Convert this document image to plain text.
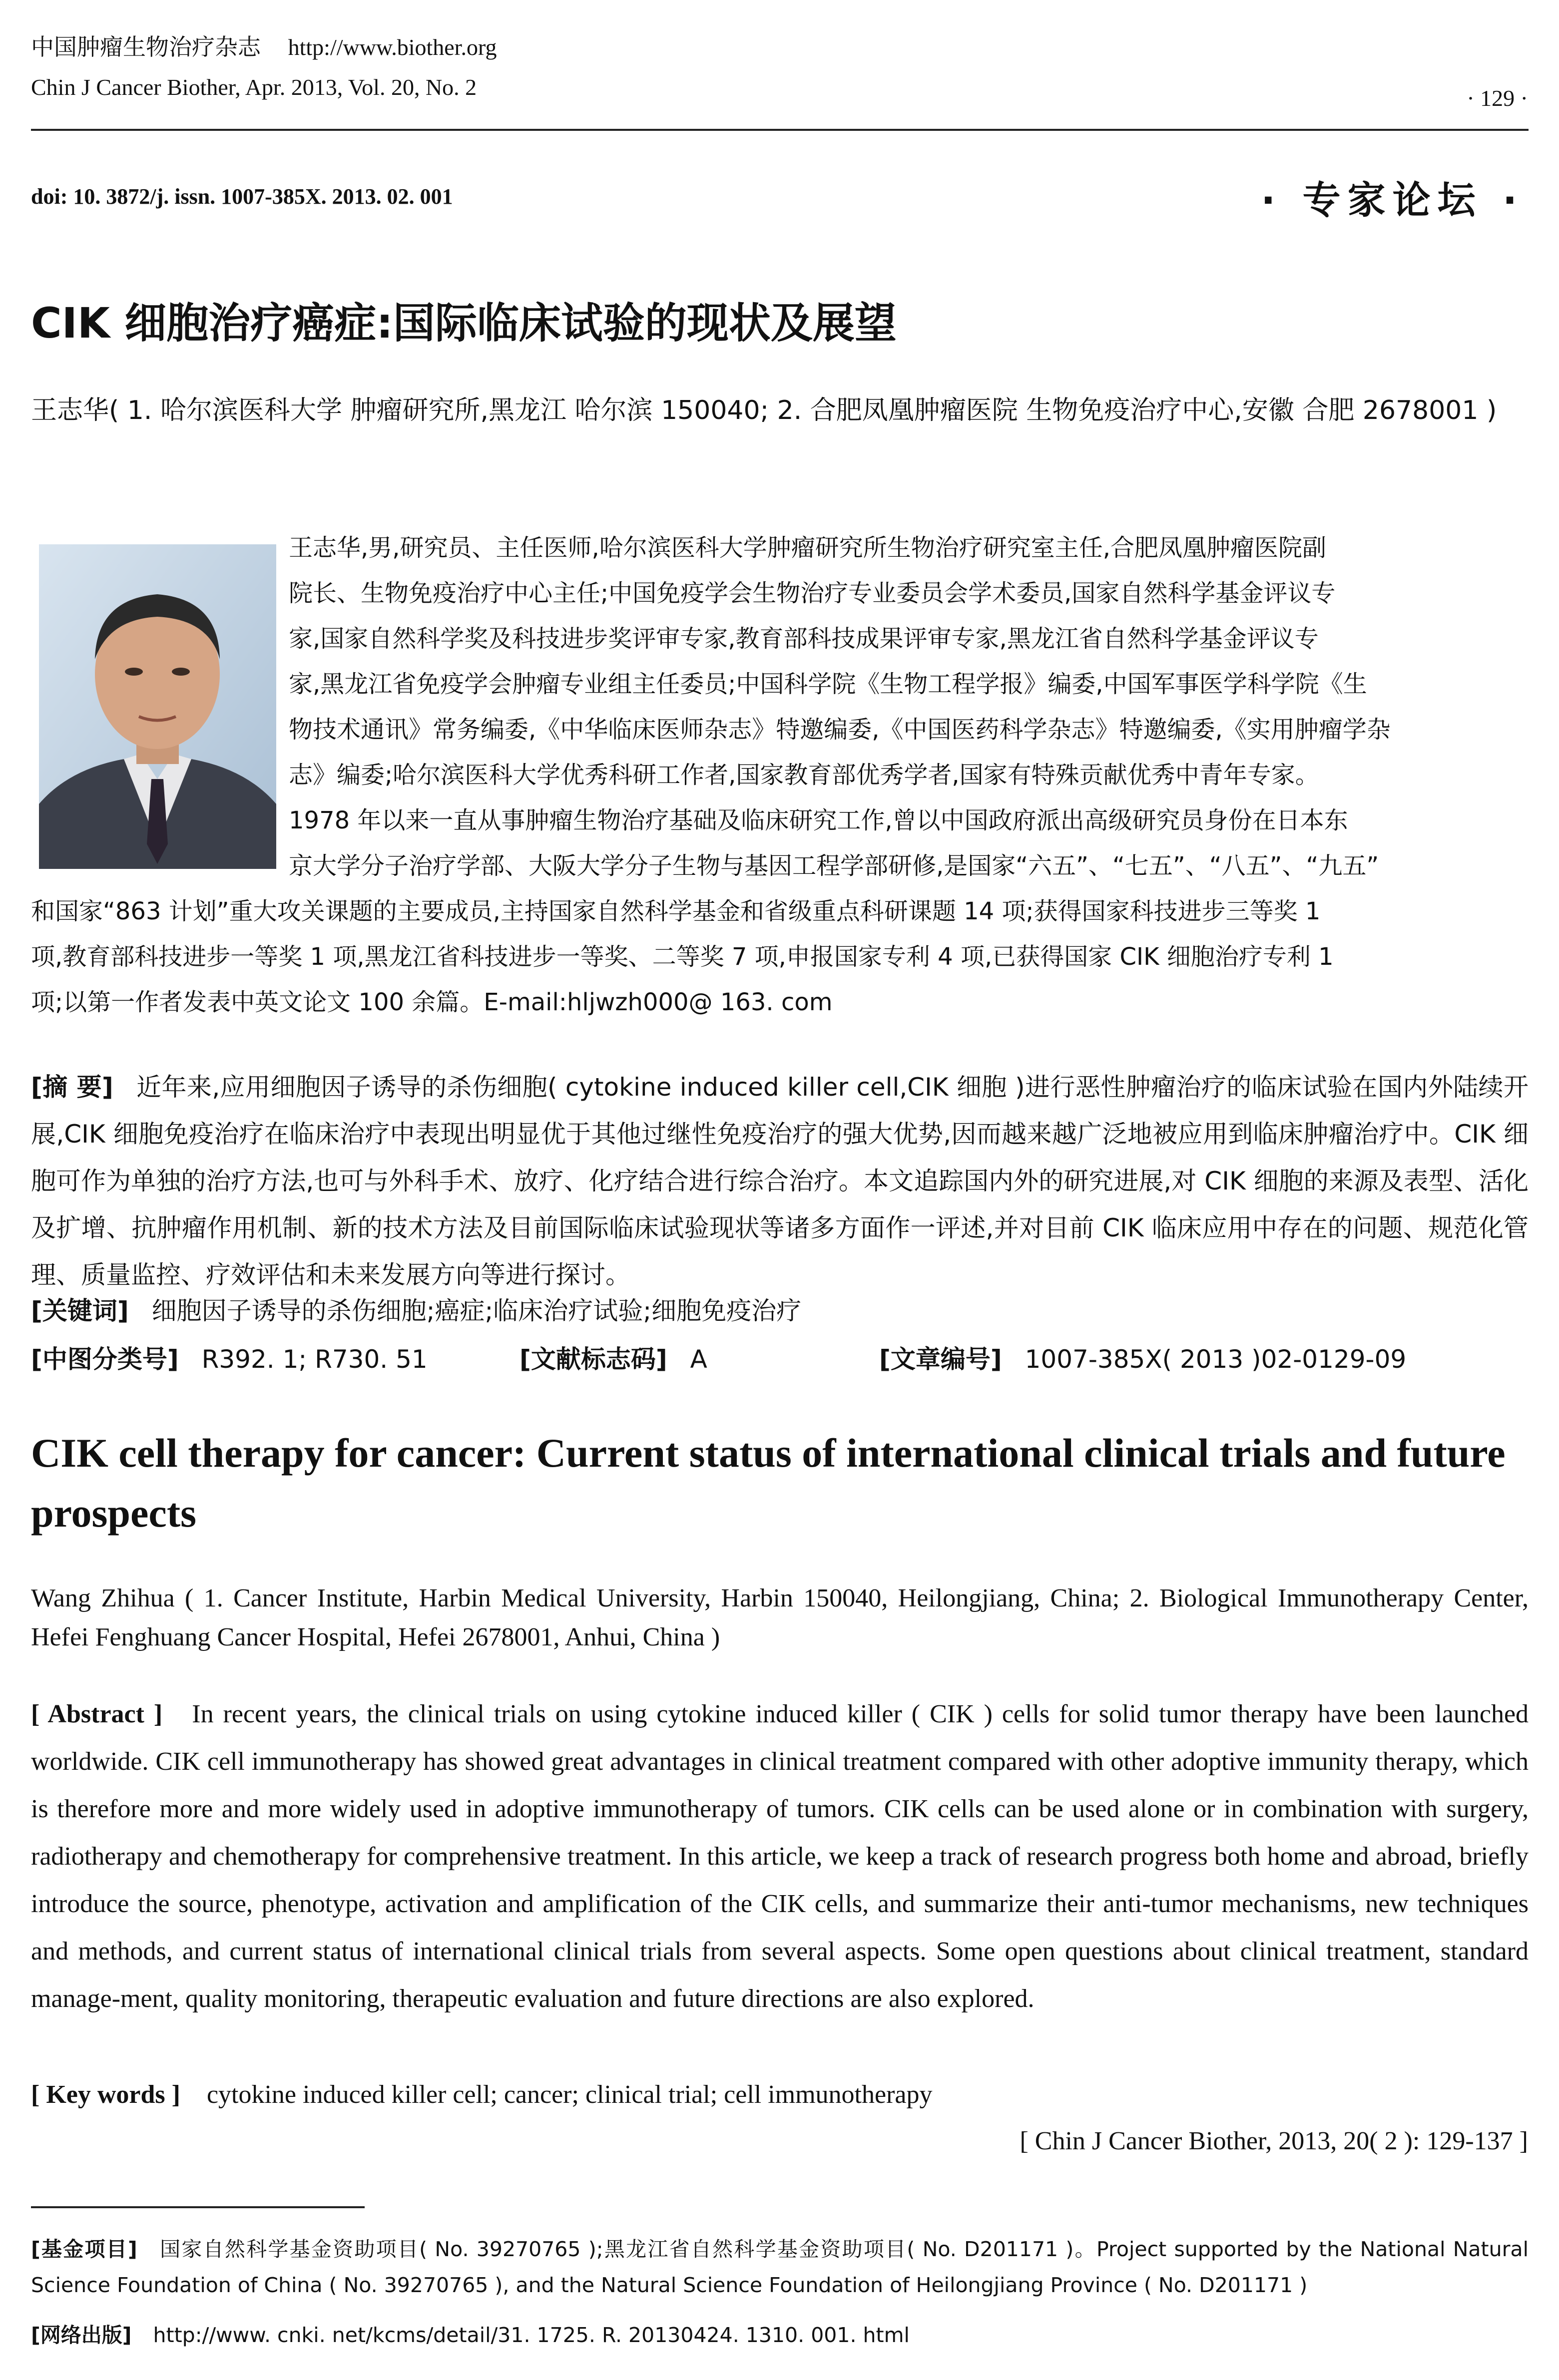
中国肿瘤生物治疗杂志 http://www.biother.org
Chin J Cancer Biother, Apr. 2013, Vol. 20, No. 2	· 129 ·
doi: 10. 3872/j. issn. 1007-385X. 2013. 02. 001	· 专家论坛 ·
CIK 细胞治疗癌症:国际临床试验的现状及展望
王志华( 1. 哈尔滨医科大学 肿瘤研究所,黑龙江 哈尔滨 150040; 2. 合肥凤凰肿瘤医院 生物免疫治疗中心,安徽 合肥 2678001 )
王志华,男,研究员、主任医师,哈尔滨医科大学肿瘤研究所生物治疗研究室主任,合肥凤凰肿瘤医院副
院长、生物免疫治疗中心主任;中国免疫学会生物治疗专业委员会学术委员,国家自然科学基金评议专
家,国家自然科学奖及科技进步奖评审专家,教育部科技成果评审专家,黑龙江省自然科学基金评议专
家,黑龙江省免疫学会肿瘤专业组主任委员;中国科学院《生物工程学报》编委,中国军事医学科学院《生
物技术通讯》常务编委,《中华临床医师杂志》特邀编委,《中国医药科学杂志》特邀编委,《实用肿瘤学杂
志》编委;哈尔滨医科大学优秀科研工作者,国家教育部优秀学者,国家有特殊贡献优秀中青年专家。
1978 年以来一直从事肿瘤生物治疗基础及临床研究工作,曾以中国政府派出高级研究员身份在日本东
京大学分子治疗学部、大阪大学分子生物与基因工程学部研修,是国家“六五”、“七五”、“八五”、“九五”
和国家“863 计划”重大攻关课题的主要成员,主持国家自然科学基金和省级重点科研课题 14 项;获得国家科技进步三等奖 1
项,教育部科技进步一等奖 1 项,黑龙江省科技进步一等奖、二等奖 7 项,申报国家专利 4 项,已获得国家 CIK 细胞治疗专利 1
项;以第一作者发表中英文论文 100 余篇。E-mail:hljwzh000@ 163. com
[摘 要] 近年来,应用细胞因子诱导的杀伤细胞( cytokine induced killer cell,CIK 细胞 )进行恶性肿瘤治疗的临床试验在国内外陆续开展,CIK 细胞免疫治疗在临床治疗中表现出明显优于其他过继性免疫治疗的强大优势,因而越来越广泛地被应用到临床肿瘤治疗中。CIK 细胞可作为单独的治疗方法,也可与外科手术、放疗、化疗结合进行综合治疗。本文追踪国内外的研究进展,对 CIK 细胞的来源及表型、活化及扩增、抗肿瘤作用机制、新的技术方法及目前国际临床试验现状等诸多方面作一评述,并对目前 CIK 临床应用中存在的问题、规范化管理、质量监控、疗效评估和未来发展方向等进行探讨。
[关键词] 细胞因子诱导的杀伤细胞;癌症;临床治疗试验;细胞免疫治疗
[中图分类号] R392. 1; R730. 51	[文献标志码] A	[文章编号] 1007-385X( 2013 )02-0129-09
CIK cell therapy for cancer: Current status of international clinical trials and future prospects
Wang Zhihua ( 1. Cancer Institute, Harbin Medical University, Harbin 150040, Heilongjiang, China; 2. Biological Immunotherapy Center, Hefei Fenghuang Cancer Hospital, Hefei 2678001, Anhui, China )
[ Abstract ] In recent years, the clinical trials on using cytokine induced killer ( CIK ) cells for solid tumor therapy have been launched worldwide. CIK cell immunotherapy has showed great advantages in clinical treatment compared with other adoptive immunity therapy, which is therefore more and more widely used in adoptive immunotherapy of tumors. CIK cells can be used alone or in combination with surgery, radiotherapy and chemotherapy for comprehensive treatment. In this article, we keep a track of research progress both home and abroad, briefly introduce the source, phenotype, activation and amplification of the CIK cells, and summarize their anti-tumor mechanisms, new techniques and methods, and current status of international clinical trials from several aspects. Some open questions about clinical treatment, standard manage-ment, quality monitoring, therapeutic evaluation and future directions are also explored.
[ Key words ] cytokine induced killer cell; cancer; clinical trial; cell immunotherapy
[ Chin J Cancer Biother, 2013, 20( 2 ): 129-137 ]
[基金项目] 国家自然科学基金资助项目( No. 39270765 );黑龙江省自然科学基金资助项目( No. D201171 )。Project supported by the National Natural Science Foundation of China ( No. 39270765 ), and the Natural Science Foundation of Heilongjiang Province ( No. D201171 )
[网络出版] http://www. cnki. net/kcms/detail/31. 1725. R. 20130424. 1310. 001. html
